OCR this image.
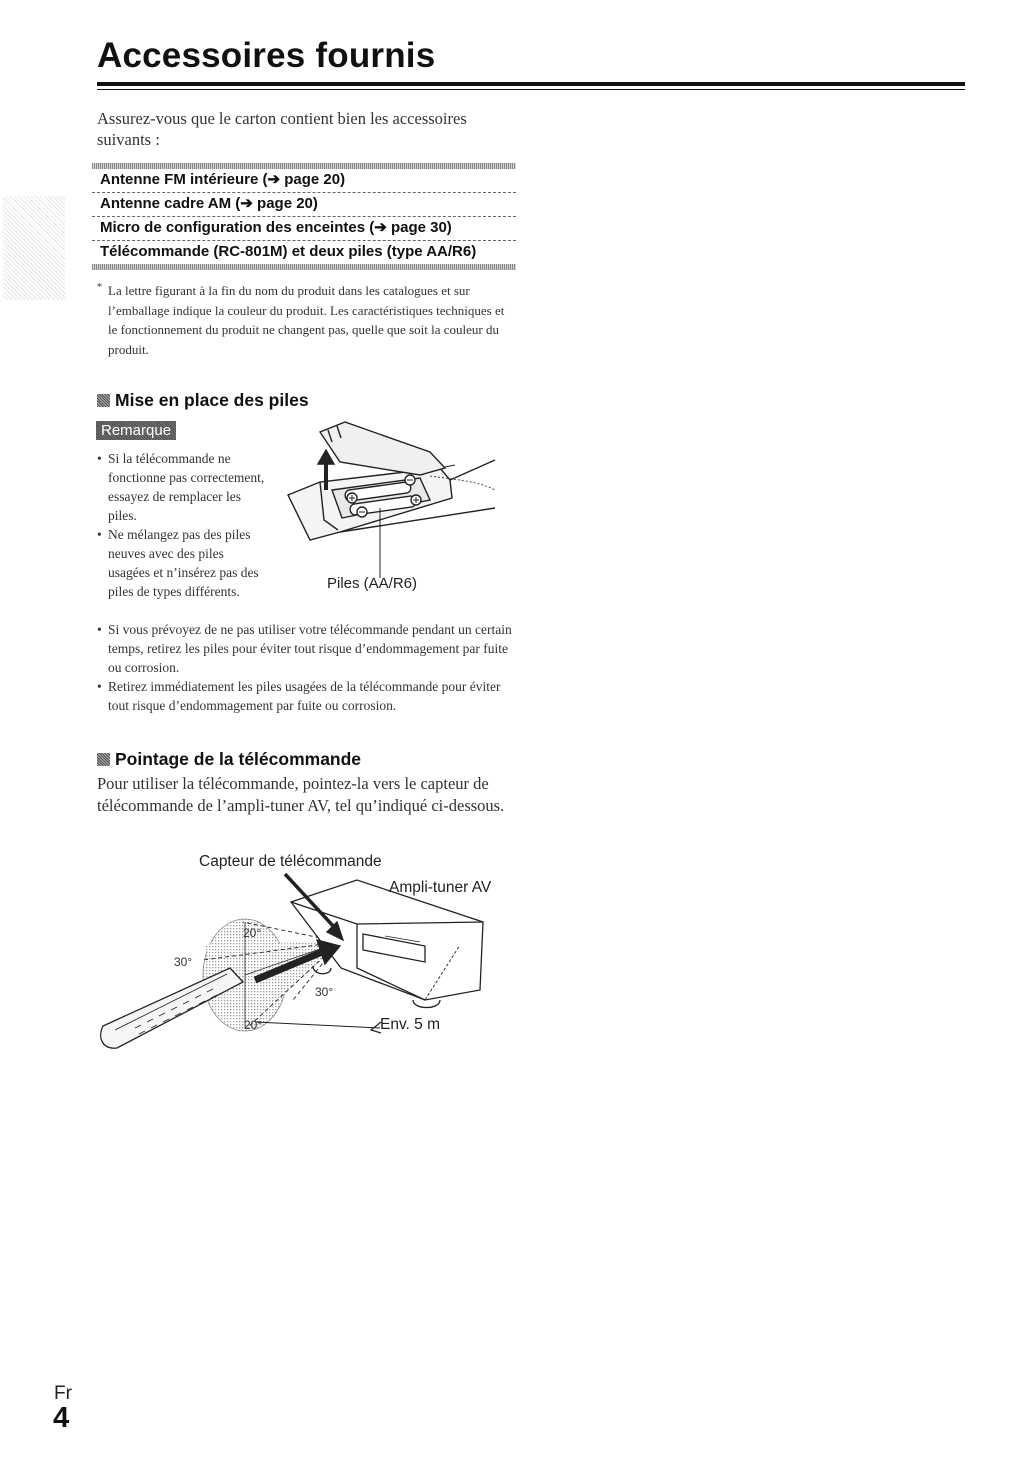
Accessoires fournis

Assurez-vous que le carton contient bien les accessoires suivants :

Antenne FM intérieure (➔ page 20)
Antenne cadre AM (➔ page 20)
Micro de configuration des enceintes (➔ page 30)
Télécommande (RC-801M) et deux piles (type AA/R6)
* La lettre figurant à la fin du nom du produit dans les catalogues et sur l’emballage indique la couleur du produit. Les caractéristiques techniques et le fonctionnement du produit ne changent pas, quelle que soit la couleur du produit.
Mise en place des piles
Remarque
• Si la télécommande ne fonctionne pas correctement, essayez de remplacer les piles.
• Ne mélangez pas des piles neuves avec des piles usagées et n’insérez pas des piles de types différents.	Piles (AA/R6)
• Si vous prévoyez de ne pas utiliser votre télécommande pendant un certain temps, retirez les piles pour éviter tout risque d’endommagement par fuite ou corrosion.
• Retirez immédiatement les piles usagées de la télécommande pour éviter tout risque d’endommagement par fuite ou corrosion.
Pointage de la télécommande

Pour utiliser la télécommande, pointez-la vers le capteur de télécommande de l’ampli-tuner AV, tel qu’indiqué ci-dessous.

Capteur de télécommande
Ampli-tuner AV
Env. 5 m
20°
30°
30°
20°
Fr
4
